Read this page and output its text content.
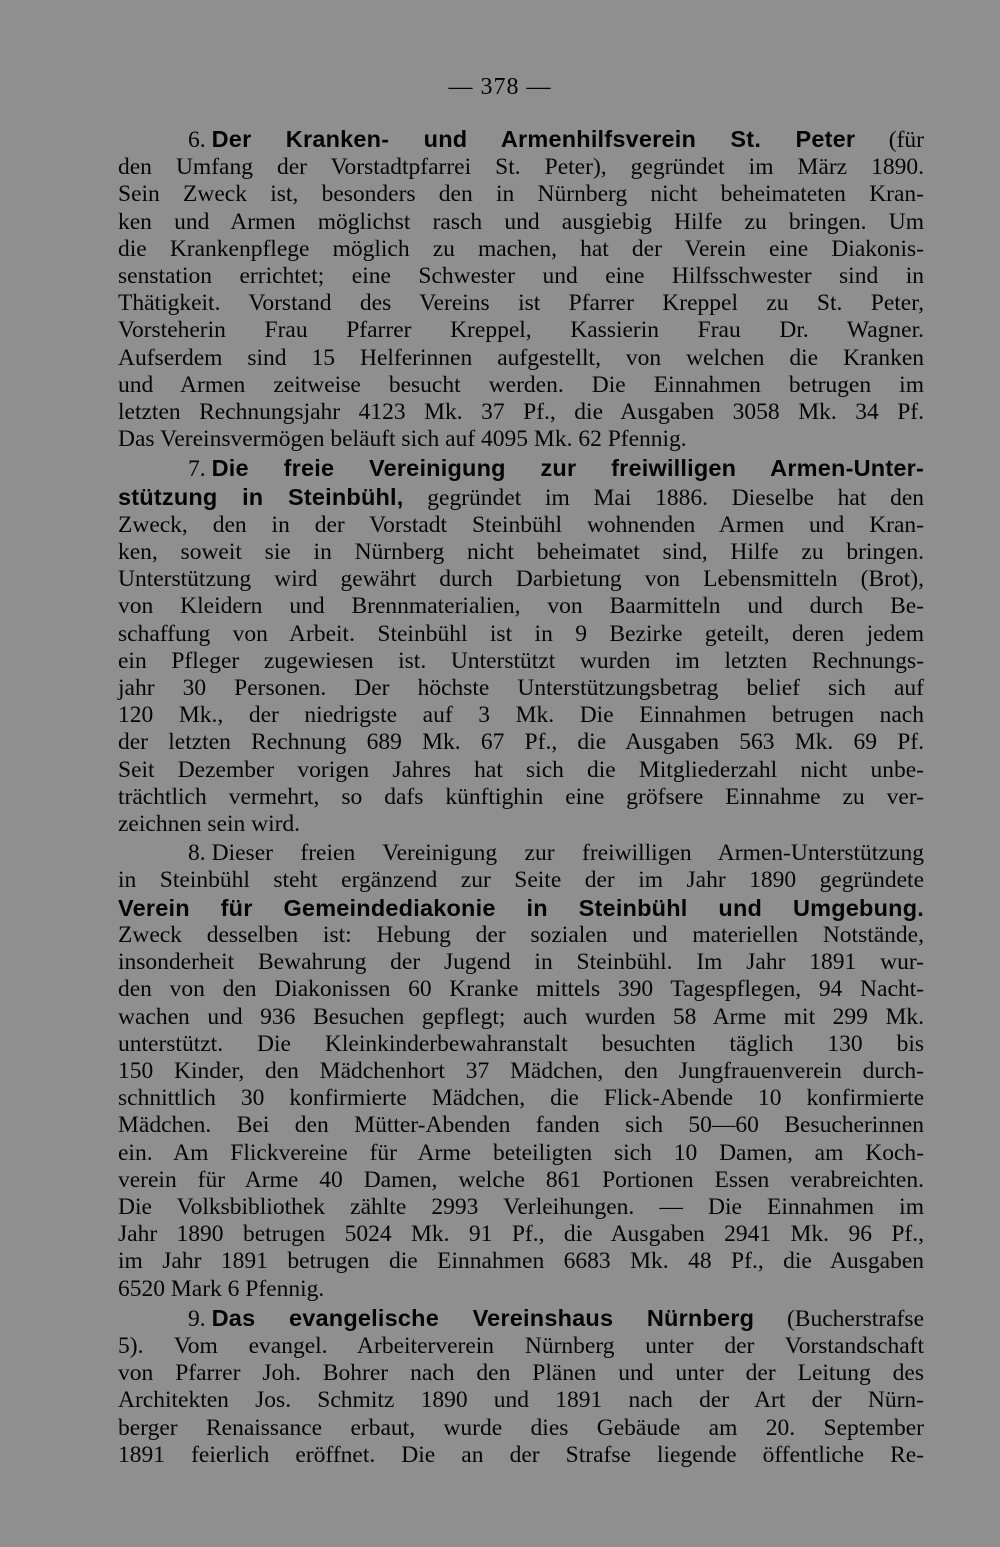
— 378 —
6. Der Kranken- und Armenhilfsverein St. Peter (für
den Umfang der Vorstadtpfarrei St. Peter), gegründet im März 1890.
Sein Zweck ist, besonders den in Nürnberg nicht beheimateten Kran-
ken und Armen möglichst rasch und ausgiebig Hilfe zu bringen. Um
die Krankenpflege möglich zu machen, hat der Verein eine Diakonis-
senstation errichtet; eine Schwester und eine Hilfsschwester sind in
Thätigkeit. Vorstand des Vereins ist Pfarrer Kreppel zu St. Peter,
Vorsteherin Frau Pfarrer Kreppel, Kassierin Frau Dr. Wagner.
Aufserdem sind 15 Helferinnen aufgestellt, von welchen die Kranken
und Armen zeitweise besucht werden. Die Einnahmen betrugen im
letzten Rechnungsjahr 4123 Mk. 37 Pf., die Ausgaben 3058 Mk. 34 Pf.
Das Vereinsvermögen beläuft sich auf 4095 Mk. 62 Pfennig.
7. Die freie Vereinigung zur freiwilligen Armen-Unter-
stützung in Steinbühl, gegründet im Mai 1886. Dieselbe hat den
Zweck, den in der Vorstadt Steinbühl wohnenden Armen und Kran-
ken, soweit sie in Nürnberg nicht beheimatet sind, Hilfe zu bringen.
Unterstützung wird gewährt durch Darbietung von Lebensmitteln (Brot),
von Kleidern und Brennmaterialien, von Baarmitteln und durch Be-
schaffung von Arbeit. Steinbühl ist in 9 Bezirke geteilt, deren jedem
ein Pfleger zugewiesen ist. Unterstützt wurden im letzten Rechnungs-
jahr 30 Personen. Der höchste Unterstützungsbetrag belief sich auf
120 Mk., der niedrigste auf 3 Mk. Die Einnahmen betrugen nach
der letzten Rechnung 689 Mk. 67 Pf., die Ausgaben 563 Mk. 69 Pf.
Seit Dezember vorigen Jahres hat sich die Mitgliederzahl nicht unbe-
trächtlich vermehrt, so dafs künftighin eine gröfsere Einnahme zu ver-
zeichnen sein wird.
8. Dieser freien Vereinigung zur freiwilligen Armen-Unterstützung
in Steinbühl steht ergänzend zur Seite der im Jahr 1890 gegründete
Verein für Gemeindediakonie in Steinbühl und Umgebung.
Zweck desselben ist: Hebung der sozialen und materiellen Notstände,
insonderheit Bewahrung der Jugend in Steinbühl. Im Jahr 1891 wur-
den von den Diakonissen 60 Kranke mittels 390 Tagespflegen, 94 Nacht-
wachen und 936 Besuchen gepflegt; auch wurden 58 Arme mit 299 Mk.
unterstützt. Die Kleinkinderbewahranstalt besuchten täglich 130 bis
150 Kinder, den Mädchenhort 37 Mädchen, den Jungfrauenverein durch-
schnittlich 30 konfirmierte Mädchen, die Flick-Abende 10 konfirmierte
Mädchen. Bei den Mütter-Abenden fanden sich 50—60 Besucherinnen
ein. Am Flickvereine für Arme beteiligten sich 10 Damen, am Koch-
verein für Arme 40 Damen, welche 861 Portionen Essen verabreichten.
Die Volksbibliothek zählte 2993 Verleihungen. — Die Einnahmen im
Jahr 1890 betrugen 5024 Mk. 91 Pf., die Ausgaben 2941 Mk. 96 Pf.,
im Jahr 1891 betrugen die Einnahmen 6683 Mk. 48 Pf., die Ausgaben
6520 Mark 6 Pfennig.
9. Das evangelische Vereinshaus Nürnberg (Bucherstrafse
5). Vom evangel. Arbeiterverein Nürnberg unter der Vorstandschaft
von Pfarrer Joh. Bohrer nach den Plänen und unter der Leitung des
Architekten Jos. Schmitz 1890 und 1891 nach der Art der Nürn-
berger Renaissance erbaut, wurde dies Gebäude am 20. September
1891 feierlich eröffnet. Die an der Strafse liegende öffentliche Re-
